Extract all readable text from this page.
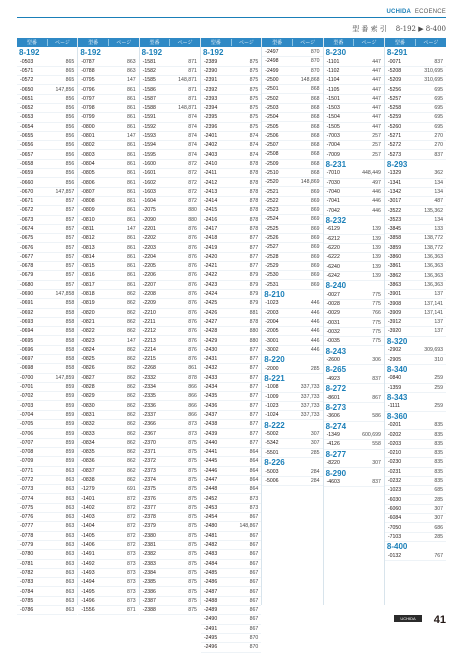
UCHIDA ECOENCE
型 番 索 引 8-192 ▶ 8-400
型番	ページ
8-192
-0503	865
-0571	865
-0572	865
-0650	147,856
-0651	856
-0652	856
-0653	856
-0654	856
-0655	856
-0656	856
-0657	856
-0658	856
-0659	856
-0660	856
-0670	147,857
-0671	857
-0672	857
-0673	857
-0674	857
-0675	857
-0676	857
-0677	857
-0678	857
-0679	857
-0680	857
-0690	147,858
-0691	858
-0692	858
-0693	858
-0694	858
-0695	858
-0696	858
-0697	858
-0698	858
-0700	147,859
-0701	859
-0702	859
-0703	859
-0704	859
-0705	859
-0706	859
-0707	859
-0708	859
-0709	859
-0771	863
-0772	863
-0773	863
-0774	863
-0775	863
-0776	863
-0777	863
-0778	863
-0779	863
-0780	863
-0781	863
-0782	863
-0783	863
-0784	863
-0785	863
-0786	863
型番	ページ
8-192
-0787	863
-0788	863
-0795	147
-0796	861
-0797	861
-0798	861
-0799	861
-0800	861
-0801	147
-0802	861
-0803	861
-0804	861
-0805	861
-0806	861
-0807	861
-0808	861
-0809	861
-0810	861
-0811	147
-0812	861
-0813	861
-0814	861
-0815	861
-0816	861
-0817	861
-0818	862
-0819	862
-0820	862
-0821	862
-0822	862
-0823	147
-0824	862
-0825	862
-0826	862
-0827	862
-0828	862
-0829	862
-0830	862
-0831	862
-0832	862
-0833	862
-0834	862
-0835	862
-0836	862
-0837	862
-0838	862
-1279	691
-1401	872
-1402	872
-1403	872
-1404	872
-1405	872
-1406	872
-1491	873
-1492	873
-1493	873
-1494	873
-1495	873
-1496	873
-1556	871
型番	ページ
8-192
-1581	871
-1582	871
-1585	148,871
-1586	871
-1587	871
-1588	148,871
-1591	874
-1592	874
-1593	874
-1594	874
-1595	874
-1600	872
-1601	872
-1602	872
-1603	872
-1604	872
-2075	880
-2090	880
-2201	876
-2202	876
-2203	876
-2204	876
-2205	876
-2206	876
-2207	876
-2208	876
-2209	876
-2210	876
-2211	876
-2212	876
-2213	876
-2214	876
-2215	876
-2268	861
-2332	878
-2334	866
-2335	866
-2336	866
-2337	866
-2366	873
-2367	873
-2370	875
-2371	875
-2372	875
-2373	875
-2374	875
-2375	875
-2376	875
-2377	875
-2378	875
-2379	875
-2380	875
-2381	875
-2382	875
-2383	875
-2384	875
-2385	875
-2386	875
-2387	875
-2388	875
型番	ページ
8-192
-2389	875
-2390	875
-2391	875
-2392	875
-2393	875
-2394	875
-2395	875
-2396	875
-2401	874
-2402	874
-2403	874
-2410	878
-2411	878
-2412	878
-2413	878
-2414	878
-2415	878
-2416	878
-2417	878
-2418	877
-2419	877
-2420	877
-2421	877
-2422	879
-2423	879
-2424	879
-2425	879
-2426	881
-2427	878
-2428	880
-2429	880
-2430	877
-2431	877
-2432	877
-2433	877
-2434	877
-2435	877
-2436	877
-2437	877
-2438	877
-2439	877
-2440	877
-2441	864
-2445	864
-2446	864
-2447	864
-2448	864
-2452	873
-2453	873
-2454	867
-2480	148,867
-2481	867
-2482	867
-2483	867
-2484	867
-2485	867
-2486	867
-2487	867
-2488	867
-2489	867
-2490	867
-2491	867
-2495	870
-2496	870
型番	ページ
-2497	870
-2498	870
-2499	870
-2500	148,868
-2501	868
-2502	868
-2503	868
-2504	868
-2505	868
-2506	868
-2507	868
-2508	868
-2509	868
-2510	868
-2520	148,869
-2521	869
-2522	869
-2523	869
-2524	869
-2525	869
-2526	869
-2527	869
-2528	869
-2529	869
-2530	869
-2531	869
8-210
-1023	446
-2003	446
-2004	446
-2005	446
-3001	446
-3002	446
8-220
-2000	285
8-221
-1008	337,733
-1009	337,733
-1023	337,733
-1024	337,733
8-222
-5002	307
-5342	307
-5501	285
8-226
-5003	284
-5006	284
型番	ページ
8-230
-1101	447
-1102	447
-1104	447
-1105	447
-1501	447
-1503	447
-1504	447
-1505	447
-7003	257
-7004	257
-7009	257
8-231
-7010	448,449
-7030	497
-7040	446
-7041	446
-7042	446
8-232
-6129	139
-6212	139
-6220	139
-6222	139
-6240	139
-6242	139
8-240
-0027	775
-0028	775
-0029	766
-0031	775
-0032	775
-0035	775
8-243
-2600	306
8-265
-4923	837
8-272
-8601	867
8-273
-3606	586
8-274
-1349	600,699
-4126	558
8-277
-8220	307
8-290
-4603	837
型番	ページ
8-291
-0071	837
-5208	310,695
-5209	310,695
-5256	695
-5257	695
-5258	695
-5259	695
-5260	695
-5271	270
-5272	270
-5273	837
8-293
-1329	362
-1341	134
-1342	134
-3017	487
-3522	135,362
-3523	134
-3845	133
-3858	138,772
-3859	138,772
-3860	136,363
-3861	136,363
-3862	136,363
-3863	136,363
-3901	137
-3908	137,141
-3909	137,141
-3912	137
-3920	137
8-320
-2902	309,693
-2905	310
8-340
-0840	259
-1359	259
8-343
-1111	259
8-360
-0201	835
-0202	835
-0203	835
-0210	835
-0230	835
-0231	835
-0232	835
-1023	685
-6030	285
-6060	307
-6084	307
-7050	686
-7103	285
8-400
-0132	767
UCHIDA	41
